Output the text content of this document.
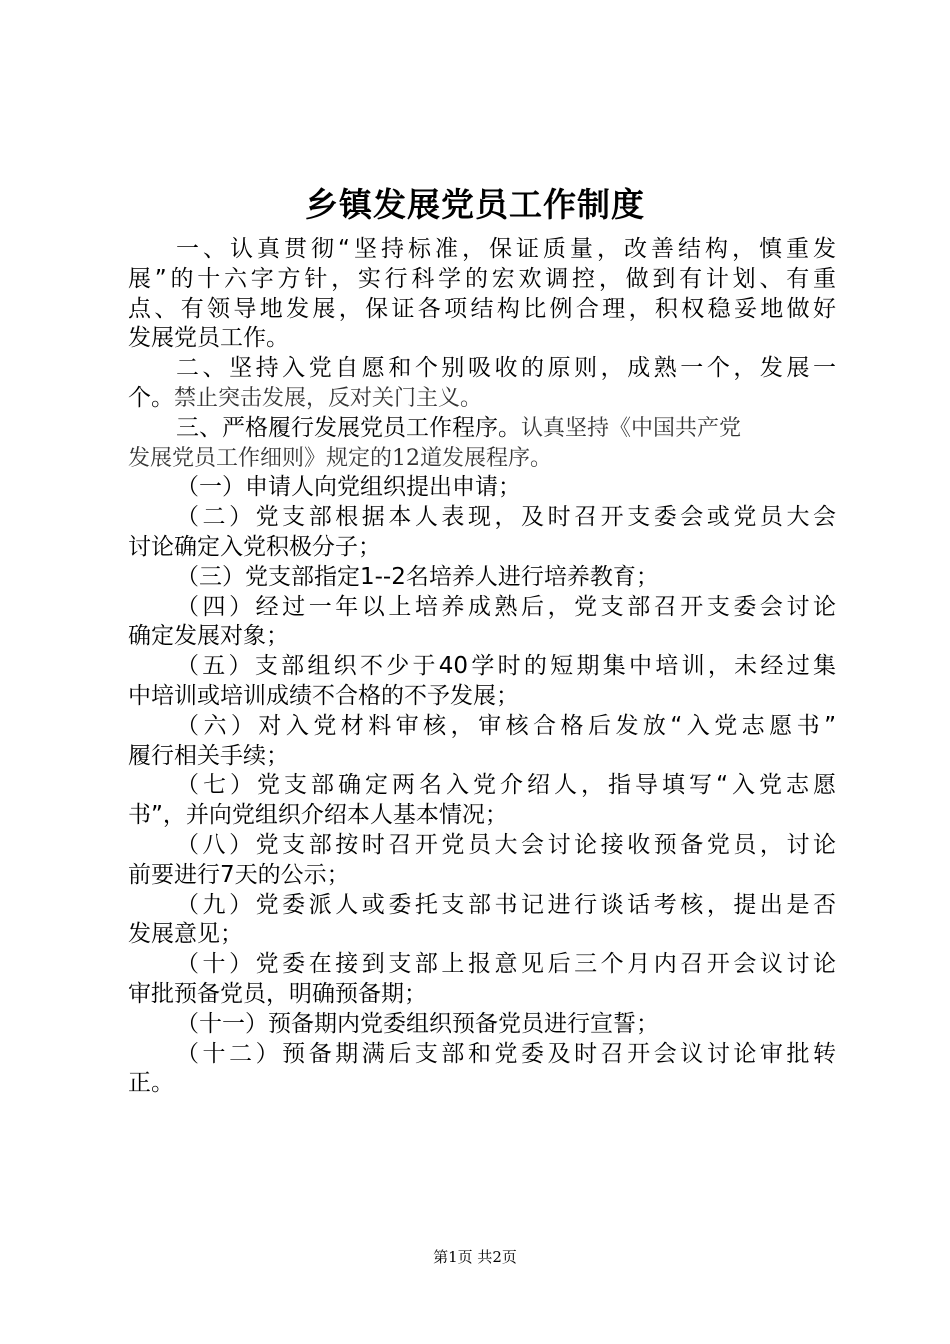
乡镇发展党员工作制度
一、认真贯彻“坚持标准，保证质量，改善结构，慎重发
展”的十六字方针，实行科学的宏欢调控，做到有计划、有重
点、有领导地发展，保证各项结构比例合理，积权稳妥地做好
发展党员工作。
二、坚持入党自愿和个别吸收的原则，成熟一个，发展一
个。禁止突击发展，反对关门主义。
三、严格履行发展党员工作程序。认真坚持《中国共产党
发展党员工作细则》规定的12道发展程序。
（一）申请人向党组织提出申请；
（二）党支部根据本人表现，及时召开支委会或党员大会
讨论确定入党积极分子；
（三）党支部指定1--2名培养人进行培养教育；
（四）经过一年以上培养成熟后，党支部召开支委会讨论
确定发展对象；
（五）支部组织不少于40学时的短期集中培训，未经过集
中培训或培训成绩不合格的不予发展；
（六）对入党材料审核，审核合格后发放“入党志愿书”
履行相关手续；
（七）党支部确定两名入党介绍人，指导填写“入党志愿
书”，并向党组织介绍本人基本情况；
（八）党支部按时召开党员大会讨论接收预备党员，讨论
前要进行7天的公示；
（九）党委派人或委托支部书记进行谈话考核，提出是否
发展意见；
（十）党委在接到支部上报意见后三个月内召开会议讨论
审批预备党员，明确预备期；
（十一）预备期内党委组织预备党员进行宣誓；
（十二）预备期满后支部和党委及时召开会议讨论审批转
正。
第1页 共2页
